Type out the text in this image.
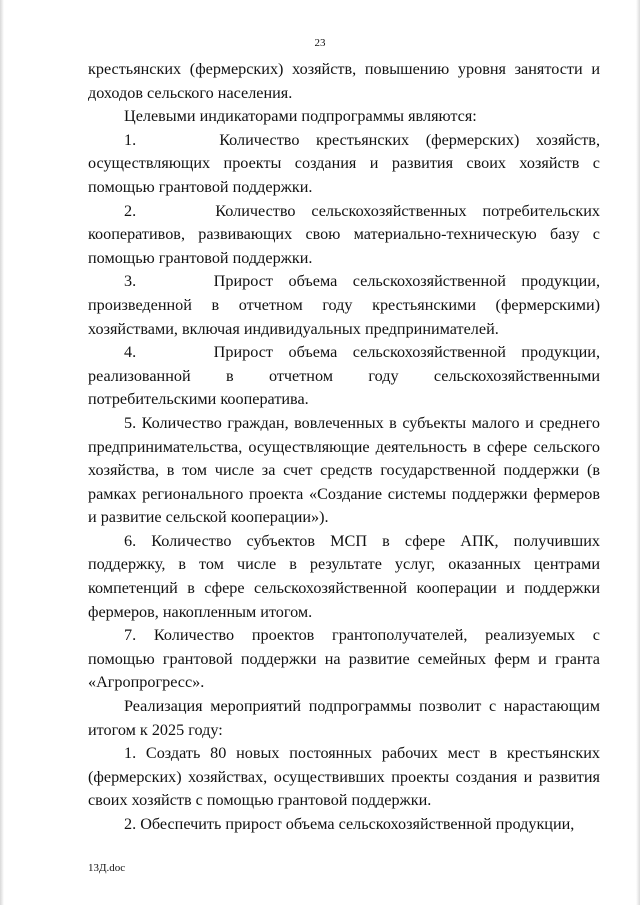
23

крестьянских (фермерских) хозяйств, повышению уровня занятости и доходов сельского населения.

Целевыми индикаторами подпрограммы являются:

1.     Количество крестьянских (фермерских) хозяйств, осуществляющих проекты создания и развития своих хозяйств с помощью грантовой поддержки.

2.     Количество сельскохозяйственных потребительских кооперативов, развивающих свою материально-техническую базу с помощью грантовой поддержки.

3.     Прирост объема сельскохозяйственной продукции, произведенной в отчетном году крестьянскими (фермерскими) хозяйствами, включая индивидуальных предпринимателей.

4.     Прирост объема сельскохозяйственной продукции, реализованной в отчетном году сельскохозяйственными потребительскими кооператива.

5. Количество граждан, вовлеченных в субъекты малого и среднего предпринимательства, осуществляющие деятельность в сфере сельского хозяйства, в том числе за счет средств государственной поддержки (в рамках регионального проекта «Создание системы поддержки фермеров и развитие сельской кооперации»).

6. Количество субъектов МСП в сфере АПК, получивших поддержку, в том числе в результате услуг, оказанных центрами компетенций в сфере сельскохозяйственной кооперации и поддержки фермеров, накопленным итогом.

7. Количество проектов грантополучателей, реализуемых с помощью грантовой поддержки на развитие семейных ферм и гранта «Агропрогресс».

Реализация мероприятий подпрограммы позволит с нарастающим итогом к 2025 году:

1. Создать 80 новых постоянных рабочих мест в крестьянских (фермерских) хозяйствах, осуществивших проекты создания и развития своих хозяйств с помощью грантовой поддержки.

2. Обеспечить прирост объема сельскохозяйственной продукции,

13Д.doc
